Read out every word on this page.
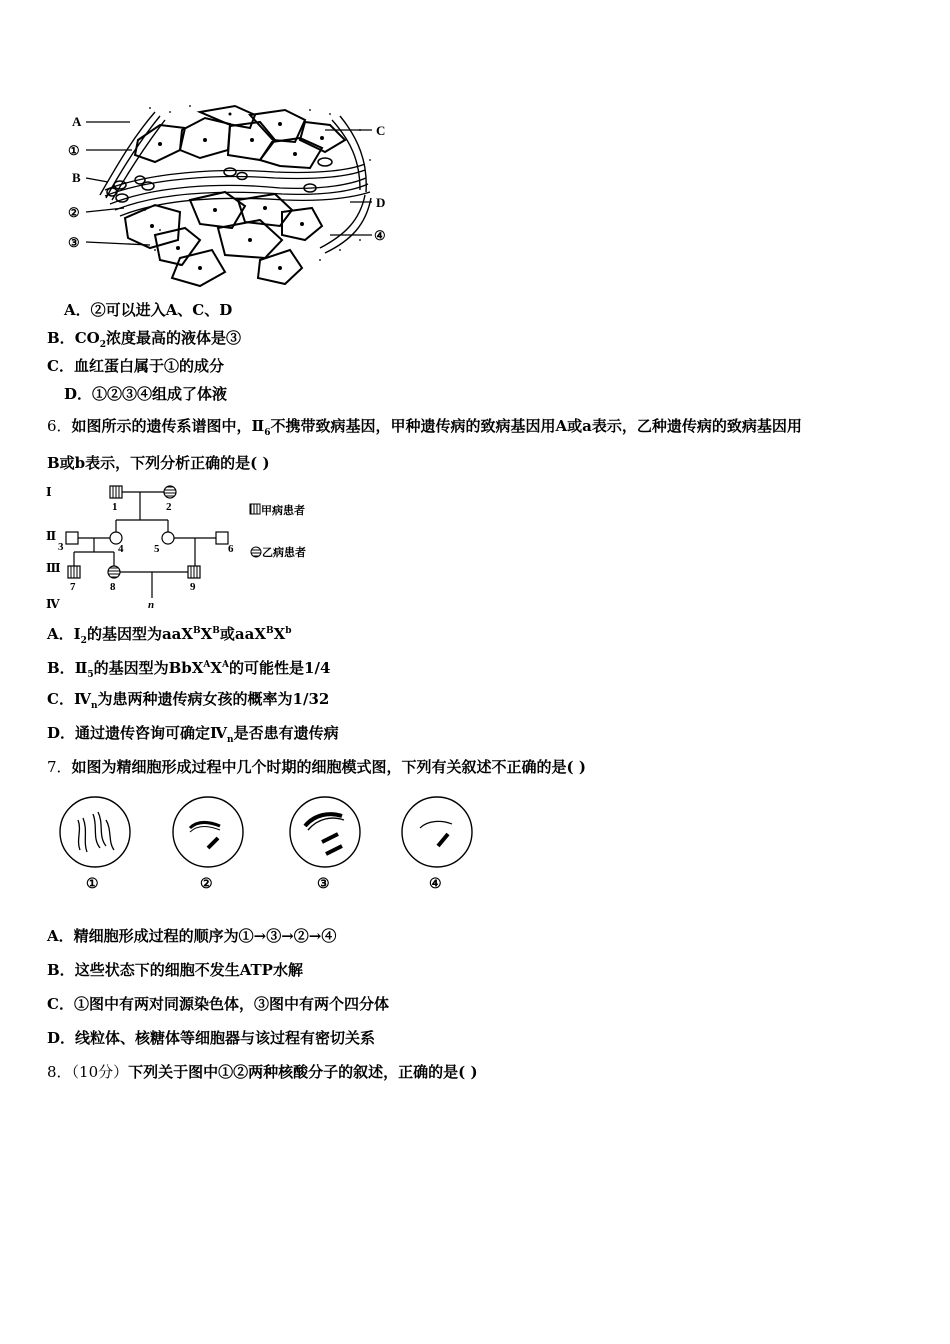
A
①
B
②
③
C
D
④
A．②可以进入A、C、D
B．$CO_2$浓度最高的液体是③
C．血红蛋白属于①的成分
D．①②③④组成了体液
6．如图所示的遗传系谱图中，$Ⅱ_6$不携带致病基因，甲种遗传病的致病基因用A或a表示，乙种遗传病的致病基因用
B或b表示，下列分析正确的是( )
Ⅰ
Ⅱ
Ⅲ
Ⅳ
1	2
3	4	5	6
7	8	9
n
甲病患者
乙病患者
A．$Ⅰ_2$的基因型为$aaX^BX^B$或$aaX^BX^b$
B．$Ⅱ_5$的基因型为$BbX^AX^A$的可能性是1/4
C．$Ⅳ_n$为患两种遗传病女孩的概率为1/32
D．通过遗传咨询可确定$Ⅳ_n$是否患有遗传病
7．如图为精细胞形成过程中几个时期的细胞模式图，下列有关叙述不正确的是( )
①	②	③	④
A．精细胞形成过程的顺序为①→③→②→④
B．这些状态下的细胞不发生ATP水解
C．①图中有两对同源染色体，③图中有两个四分体
D．线粒体、核糖体等细胞器与该过程有密切关系
8．（10分）下列关于图中①②两种核酸分子的叙述，正确的是( )
